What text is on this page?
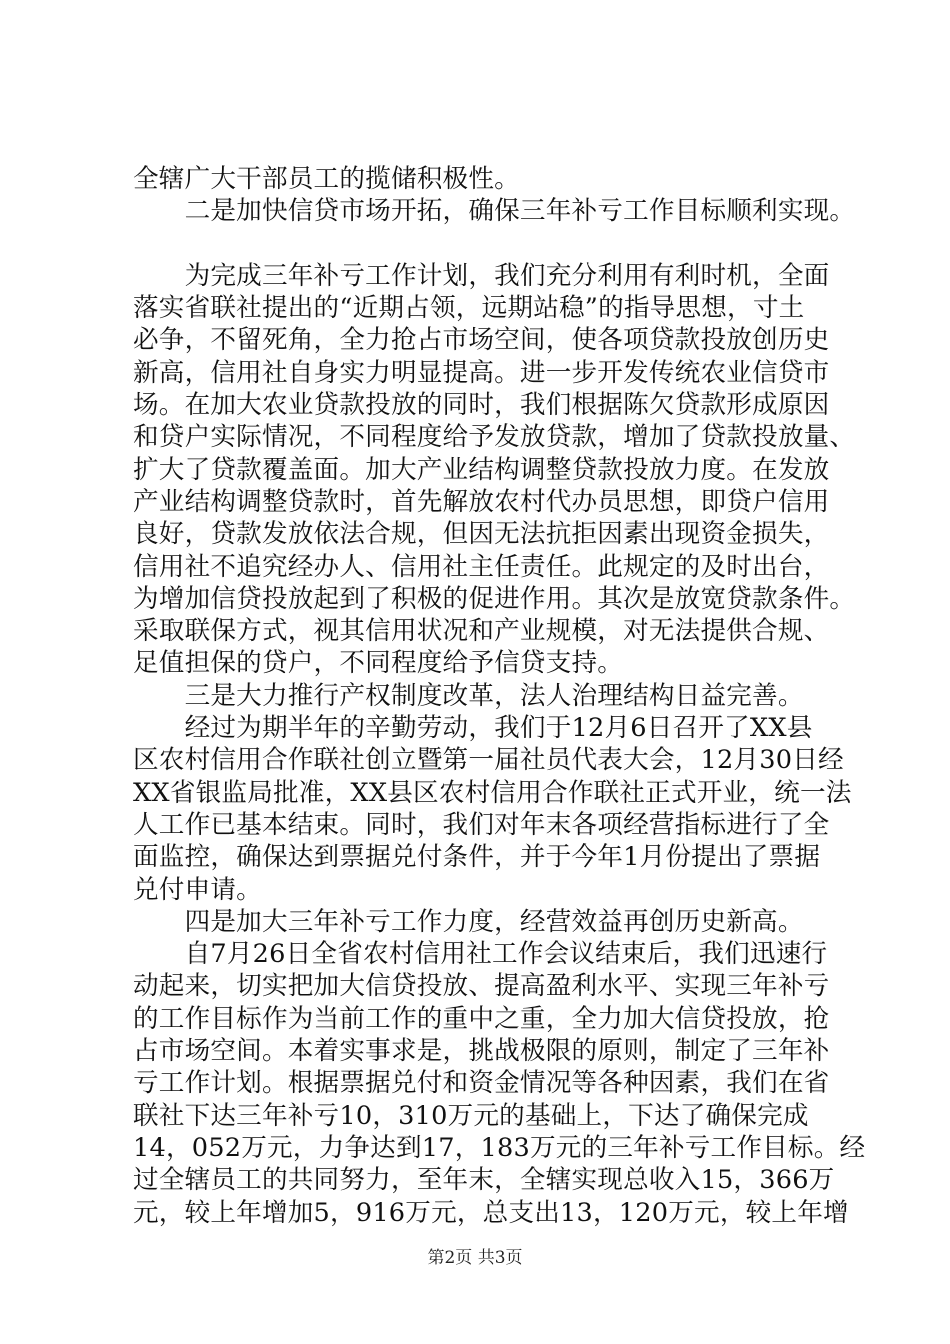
全辖广大干部员工的揽储积极性。
　　二是加快信贷市场开拓，确保三年补亏工作目标顺利实现。
　　为完成三年补亏工作计划，我们充分利用有利时机，全面
落实省联社提出的“近期占领，远期站稳”的指导思想，寸土
必争，不留死角，全力抢占市场空间，使各项贷款投放创历史
新高，信用社自身实力明显提高。进一步开发传统农业信贷市
场。在加大农业贷款投放的同时，我们根据陈欠贷款形成原因
和贷户实际情况，不同程度给予发放贷款，增加了贷款投放量、
扩大了贷款覆盖面。加大产业结构调整贷款投放力度。在发放
产业结构调整贷款时，首先解放农村代办员思想，即贷户信用
良好，贷款发放依法合规，但因无法抗拒因素出现资金损失，
信用社不追究经办人、信用社主任责任。此规定的及时出台，
为增加信贷投放起到了积极的促进作用。其次是放宽贷款条件。
采取联保方式，视其信用状况和产业规模，对无法提供合规、
足值担保的贷户，不同程度给予信贷支持。
　　三是大力推行产权制度改革，法人治理结构日益完善。
　　经过为期半年的辛勤劳动，我们于12月6日召开了XX县
区农村信用合作联社创立暨第一届社员代表大会，12月30日经
XX省银监局批准，XX县区农村信用合作联社正式开业，统一法
人工作已基本结束。同时，我们对年末各项经营指标进行了全
面监控，确保达到票据兑付条件，并于今年1月份提出了票据
兑付申请。
　　四是加大三年补亏工作力度，经营效益再创历史新高。
　　自7月26日全省农村信用社工作会议结束后，我们迅速行
动起来，切实把加大信贷投放、提高盈利水平、实现三年补亏
的工作目标作为当前工作的重中之重，全力加大信贷投放，抢
占市场空间。本着实事求是，挑战极限的原则，制定了三年补
亏工作计划。根据票据兑付和资金情况等各种因素，我们在省
联社下达三年补亏10，310万元的基础上，下达了确保完成
14，052万元，力争达到17，183万元的三年补亏工作目标。经
过全辖员工的共同努力，至年末，全辖实现总收入15，366万
元，较上年增加5，916万元，总支出13，120万元，较上年增
第2页 共3页
